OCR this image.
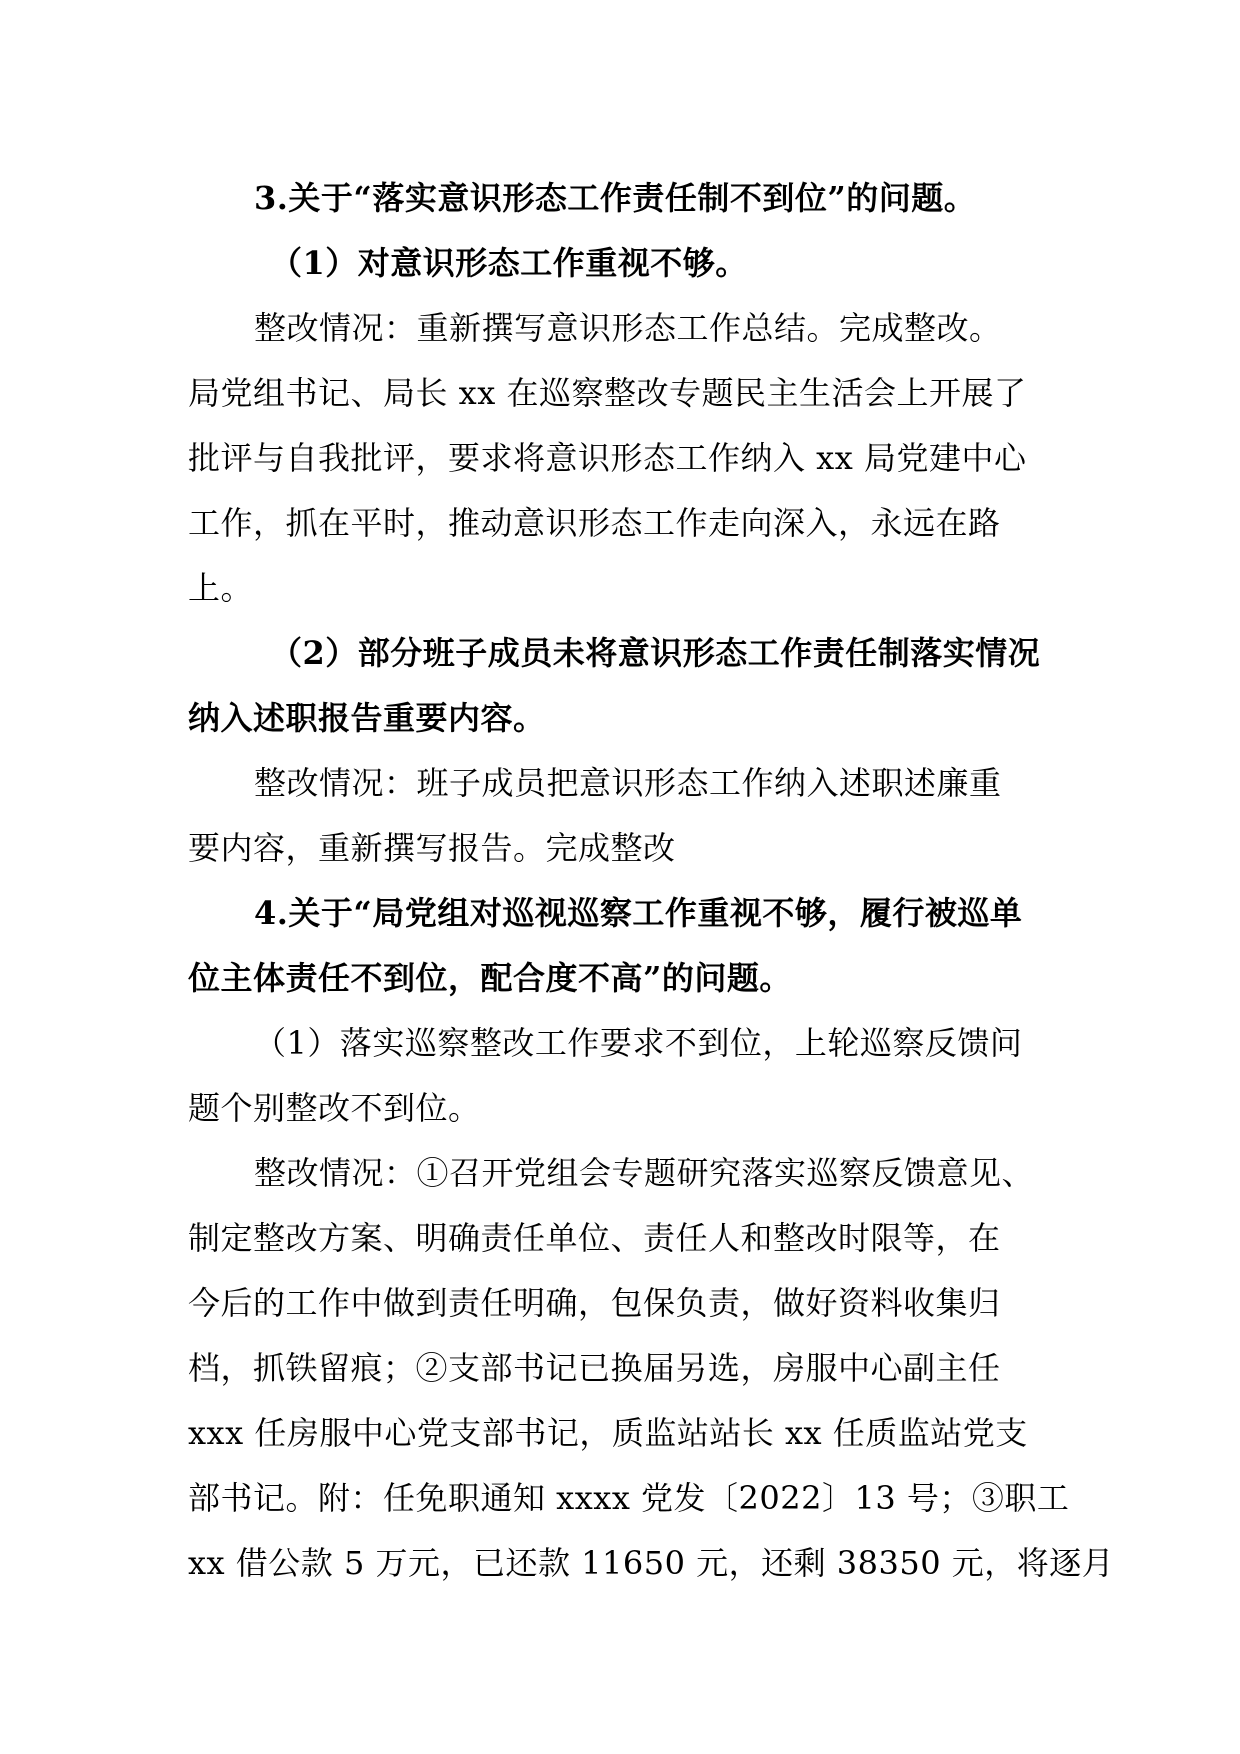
3.关于“落实意识形态工作责任制不到位”的问题。
（1）对意识形态工作重视不够。
整改情况：重新撰写意识形态工作总结。完成整改。
局党组书记、局长 xx 在巡察整改专题民主生活会上开展了
批评与自我批评，要求将意识形态工作纳入 xx 局党建中心
工作，抓在平时，推动意识形态工作走向深入，永远在路
上。
（2）部分班子成员未将意识形态工作责任制落实情况
纳入述职报告重要内容。
整改情况：班子成员把意识形态工作纳入述职述廉重
要内容，重新撰写报告。完成整改
4.关于“局党组对巡视巡察工作重视不够，履行被巡单
位主体责任不到位，配合度不高”的问题。
（1）落实巡察整改工作要求不到位，上轮巡察反馈问
题个别整改不到位。
整改情况：①召开党组会专题研究落实巡察反馈意见、
制定整改方案、明确责任单位、责任人和整改时限等，在
今后的工作中做到责任明确，包保负责，做好资料收集归
档，抓铁留痕；②支部书记已换届另选，房服中心副主任
xxx 任房服中心党支部书记，质监站站长 xx 任质监站党支
部书记。附：任免职通知 xxxx 党发〔2022〕13 号；③职工
xx 借公款 5 万元，已还款 11650 元，还剩 38350 元，将逐月
